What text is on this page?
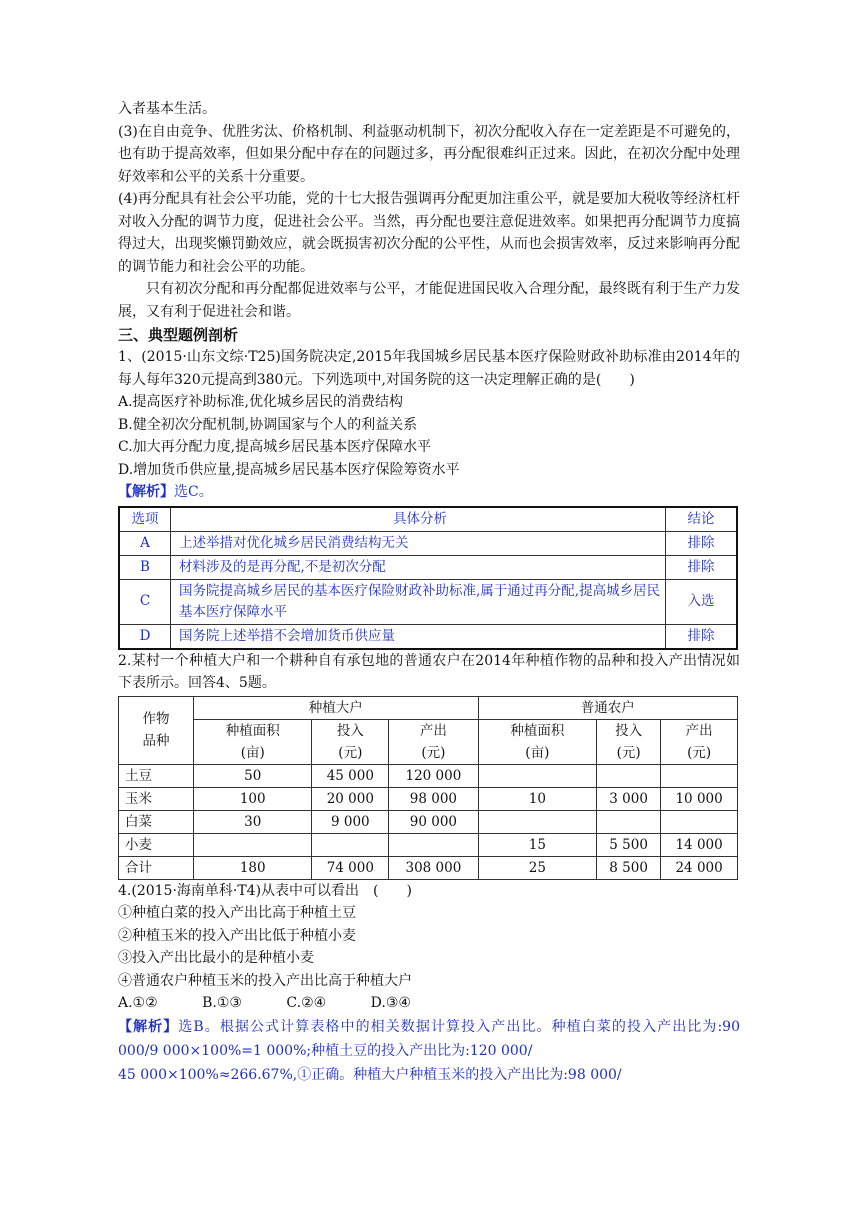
入者基本生活。

(3)在自由竞争、优胜劣汰、价格机制、利益驱动机制下，初次分配收入存在一定差距是不可避免的，也有助于提高效率，但如果分配中存在的问题过多，再分配很难纠正过来。因此，在初次分配中处理好效率和公平的关系十分重要。

(4)再分配具有社会公平功能，党的十七大报告强调再分配更加注重公平，就是要加大税收等经济杠杆对收入分配的调节力度，促进社会公平。当然，再分配也要注意促进效率。如果把再分配调节力度搞得过大，出现奖懒罚勤效应，就会既损害初次分配的公平性，从而也会损害效率，反过来影响再分配的调节能力和社会公平的功能。

只有初次分配和再分配都促进效率与公平，才能促进国民收入合理分配，最终既有利于生产力发展，又有利于促进社会和谐。

三、典型题例剖析

1、(2015·山东文综·T25)国务院决定,2015年我国城乡居民基本医疗保险财政补助标准由2014年的每人每年320元提高到380元。下列选项中,对国务院的这一决定理解正确的是(　　)

A.提高医疗补助标准,优化城乡居民的消费结构

B.健全初次分配机制,协调国家与个人的利益关系

C.加大再分配力度,提高城乡居民基本医疗保障水平

D.增加货币供应量,提高城乡居民基本医疗保险筹资水平

【解析】选C。

选项	具体分析	结论
A	上述举措对优化城乡居民消费结构无关	排除
B	材料涉及的是再分配,不是初次分配	排除
C	国务院提高城乡居民的基本医疗保险财政补助标准,属于通过再分配,提高城乡居民基本医疗保障水平	入选
D	国务院上述举措不会增加货币供应量	排除

2.某村一个种植大户和一个耕种自有承包地的普通农户在2014年种植作物的品种和投入产出情况如下表所示。回答4、5题。

作物品种	种植大户			普通农户		
	种植面积(亩)	投入(元)	产出(元)	种植面积(亩)	投入(元)	产出(元)
土豆	50	45 000	120 000			
玉米	100	20 000	98 000	10	3 000	10 000
白菜	30	9 000	90 000			
小麦				15	5 500	14 000
合计	180	74 000	308 000	25	8 500	24 000

4.(2015·海南单科·T4)从表中可以看出　(　　)

①种植白菜的投入产出比高于种植土豆

②种植玉米的投入产出比低于种植小麦

③投入产出比最小的是种植小麦

④普通农户种植玉米的投入产出比高于种植大户

A.①②	B.①③	C.②④	D.③④

【解析】选B。根据公式计算表格中的相关数据计算投入产出比。种植白菜的投入产出比为:90 000/9 000×100%=1 000%;种植土豆的投入产出比为:120 000/

45 000×100%≈266.67%,①正确。种植大户种植玉米的投入产出比为:98 000/
